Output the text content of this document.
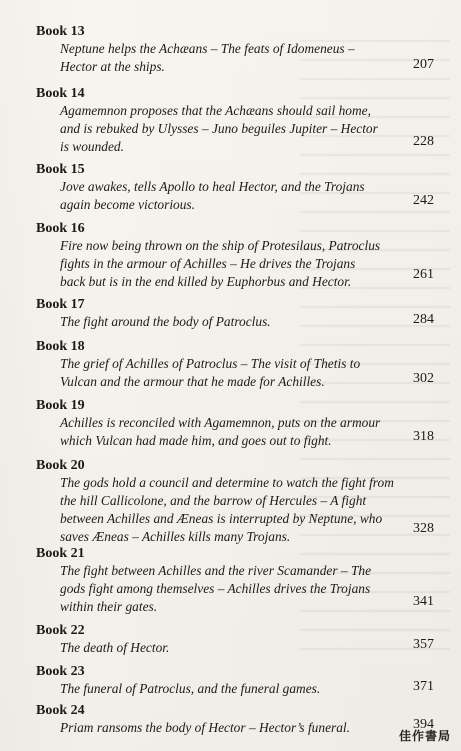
Book 13
Neptune helps the Achæans – The feats of Idomeneus –
Hector at the ships.	207
Book 14
Agamemnon proposes that the Achæans should sail home,
and is rebuked by Ulysses – Juno beguiles Jupiter – Hector
is wounded.	228
Book 15
Jove awakes, tells Apollo to heal Hector, and the Trojans
again become victorious.	242
Book 16
Fire now being thrown on the ship of Protesilaus, Patroclus
fights in the armour of Achilles – He drives the Trojans
back but is in the end killed by Euphorbus and Hector.	261
Book 17
The fight around the body of Patroclus.	284
Book 18
The grief of Achilles of Patroclus – The visit of Thetis to
Vulcan and the armour that he made for Achilles.	302
Book 19
Achilles is reconciled with Agamemnon, puts on the armour
which Vulcan had made him, and goes out to fight.	318
Book 20
The gods hold a council and determine to watch the fight from
the hill Callicolone, and the barrow of Hercules – A fight
between Achilles and Æneas is interrupted by Neptune, who
saves Æneas – Achilles kills many Trojans.
328
Book 21
The fight between Achilles and the river Scamander – The
gods fight among themselves – Achilles drives the Trojans
within their gates.	341
Book 22
The death of Hector.	357
Book 23
The funeral of Patroclus, and the funeral games.	371
Book 24
Priam ransoms the body of Hector – Hector’s funeral.	394
佳作書局
